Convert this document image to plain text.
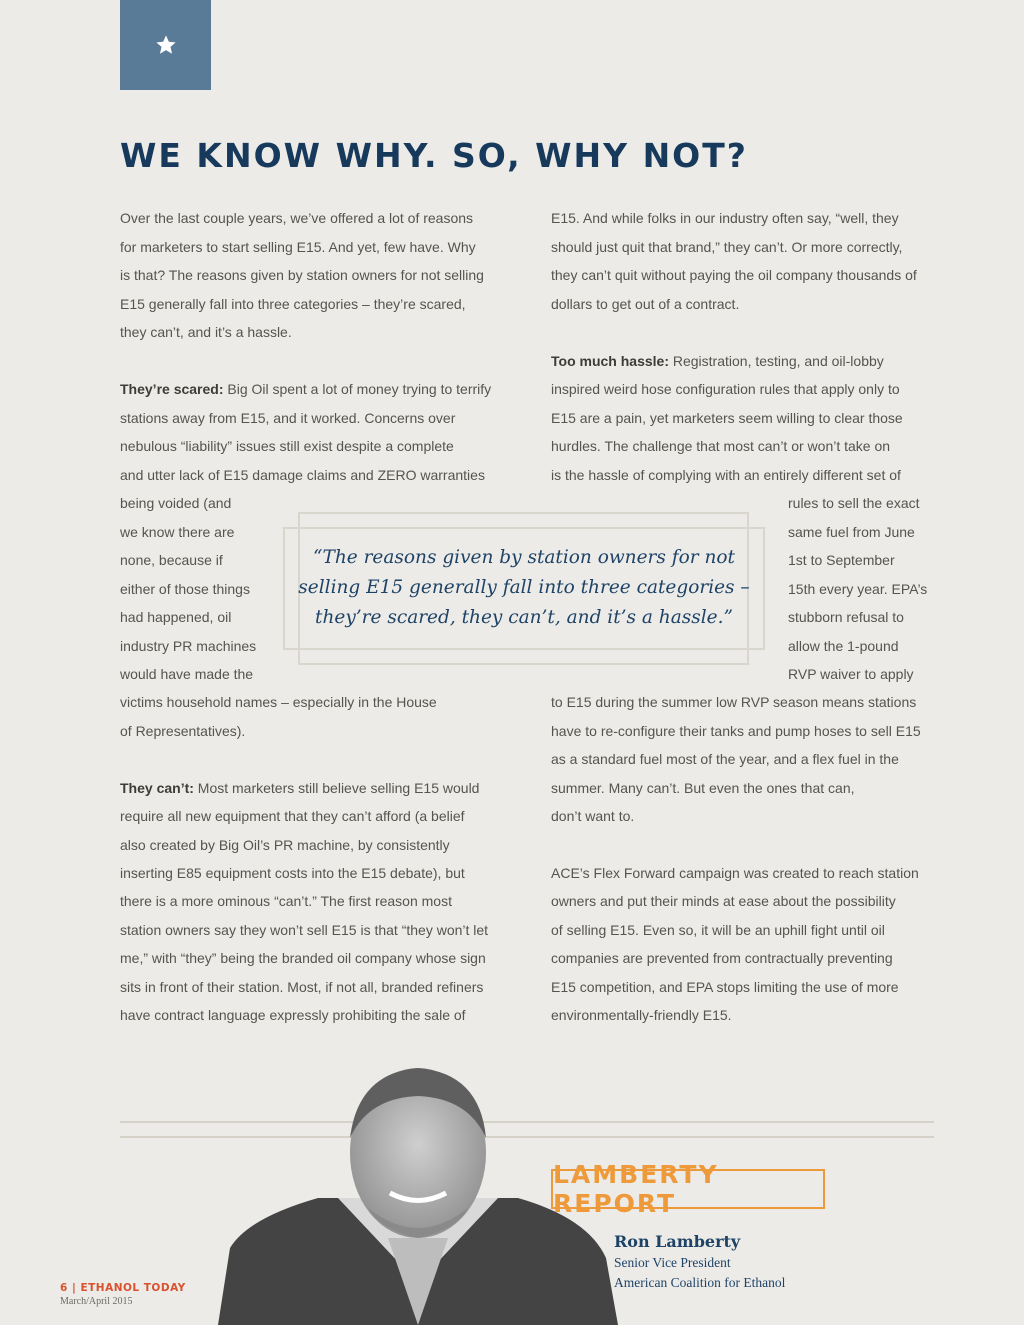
WE KNOW WHY. SO, WHY NOT?

Over the last couple years, we’ve offered a lot of reasons

for marketers to start selling E15. And yet, few have. Why

is that? The reasons given by station owners for not selling

E15 generally fall into three categories – they’re scared,

they can’t, and it’s a hassle.

They’re scared: Big Oil spent a lot of money trying to terrify

stations away from E15, and it worked. Concerns over

nebulous “liability” issues still exist despite a complete

and utter lack of E15 damage claims and ZERO warranties

being voided (and

we know there are

none, because if

either of those things

had happened, oil

industry PR machines

would have made the

victims household names – especially in the House

of Representatives).

They can’t: Most marketers still believe selling E15 would

require all new equipment that they can’t afford (a belief

also created by Big Oil’s PR machine, by consistently

inserting E85 equipment costs into the E15 debate), but

there is a more ominous “can’t.” The first reason most

station owners say they won’t sell E15 is that “they won’t let

me,” with “they” being the branded oil company whose sign

sits in front of their station. Most, if not all, branded refiners

have contract language expressly prohibiting the sale of

E15. And while folks in our industry often say, “well, they

should just quit that brand,” they can’t. Or more correctly,

they can’t quit without paying the oil company thousands of

dollars to get out of a contract.

Too much hassle: Registration, testing, and oil-lobby

inspired weird hose configuration rules that apply only to

E15 are a pain, yet marketers seem willing to clear those

hurdles. The challenge that most can’t or won’t take on

is the hassle of complying with an entirely different set of

rules to sell the exact

same fuel from June

1st to September

15th every year. EPA’s

stubborn refusal to

allow the 1-pound

RVP waiver to apply

to E15 during the summer low RVP season means stations

have to re-configure their tanks and pump hoses to sell E15

as a standard fuel most of the year, and a flex fuel in the

summer. Many can’t. But even the ones that can,

don’t want to.

ACE’s Flex Forward campaign was created to reach station

owners and put their minds at ease about the possibility

of selling E15. Even so, it will be an uphill fight until oil

companies are prevented from contractually preventing

E15 competition, and EPA stops limiting the use of more

environmentally-friendly E15.

“The reasons given by station owners for not

selling E15 generally fall into three categories –

they’re scared, they can’t, and it’s a hassle.”

LAMBERTY REPORT

Ron Lamberty

Senior Vice President

American Coalition for Ethanol

6 | ETHANOL TODAY

March/April 2015
